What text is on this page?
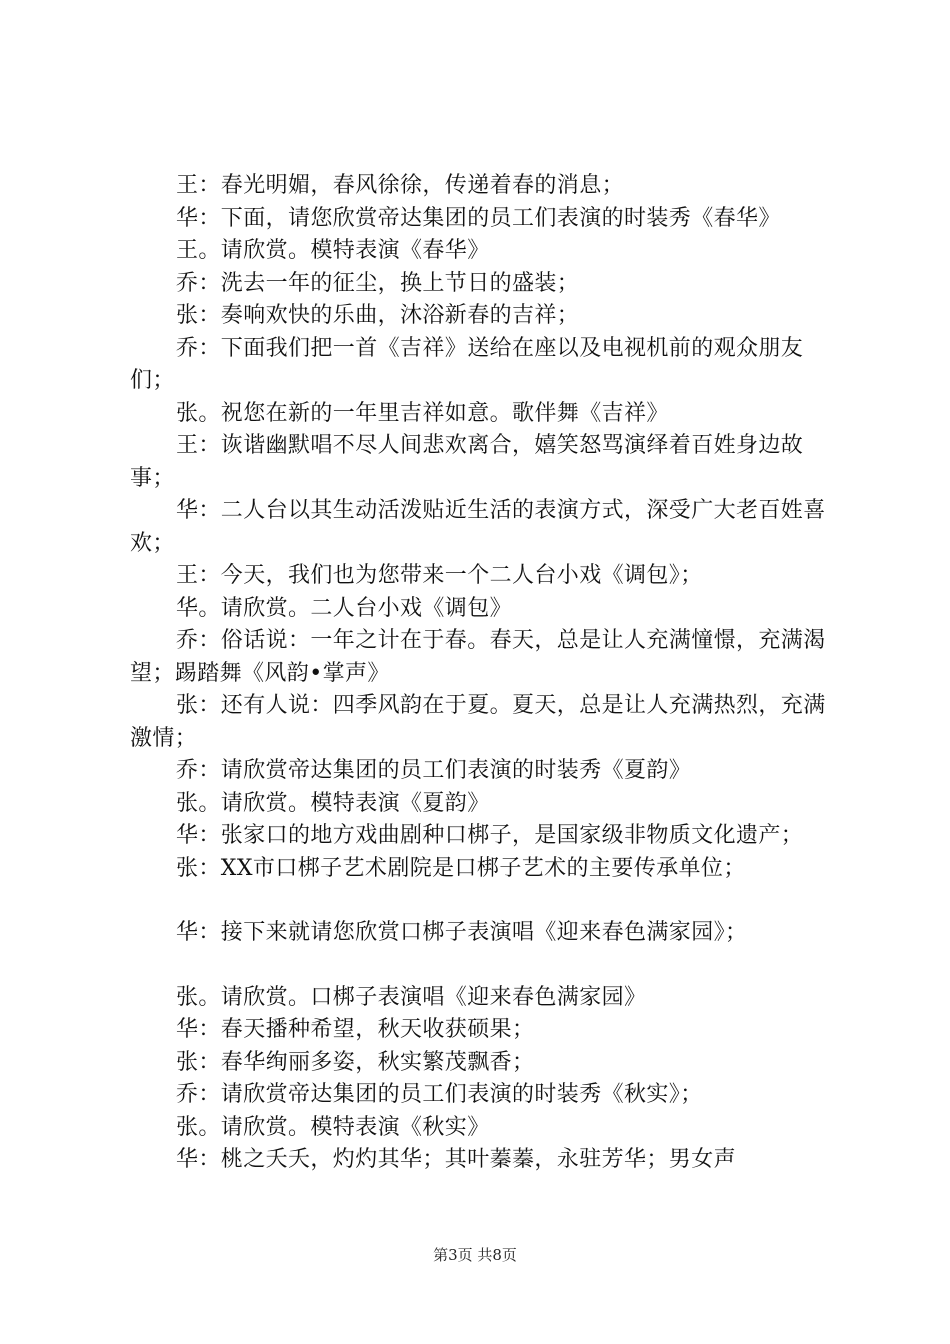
王：春光明媚，春风徐徐，传递着春的消息；

华：下面，请您欣赏帝达集团的员工们表演的时装秀《春华》

王。请欣赏。模特表演《春华》

乔：洗去一年的征尘，换上节日的盛装；

张：奏响欢快的乐曲，沐浴新春的吉祥；

乔：下面我们把一首《吉祥》送给在座以及电视机前的观众朋友们；

张。祝您在新的一年里吉祥如意。歌伴舞《吉祥》

王：诙谐幽默唱不尽人间悲欢离合，嬉笑怒骂演绎着百姓身边故事；

华：二人台以其生动活泼贴近生活的表演方式，深受广大老百姓喜欢；

王：今天，我们也为您带来一个二人台小戏《调包》；

华。请欣赏。二人台小戏《调包》

乔：俗话说：一年之计在于春。春天，总是让人充满憧憬，充满渴望；踢踏舞《风韵•掌声》

张：还有人说：四季风韵在于夏。夏天，总是让人充满热烈，充满激情；

乔：请欣赏帝达集团的员工们表演的时装秀《夏韵》

张。请欣赏。模特表演《夏韵》

华：张家口的地方戏曲剧种口梆子，是国家级非物质文化遗产；

张：XX市口梆子艺术剧院是口梆子艺术的主要传承单位；

华：接下来就请您欣赏口梆子表演唱《迎来春色满家园》；

张。请欣赏。口梆子表演唱《迎来春色满家园》

华：春天播种希望，秋天收获硕果；

张：春华绚丽多姿，秋实繁茂飘香；

乔：请欣赏帝达集团的员工们表演的时装秀《秋实》；

张。请欣赏。模特表演《秋实》

华：桃之夭夭，灼灼其华；其叶蓁蓁，永驻芳华；男女声

第3页 共8页
